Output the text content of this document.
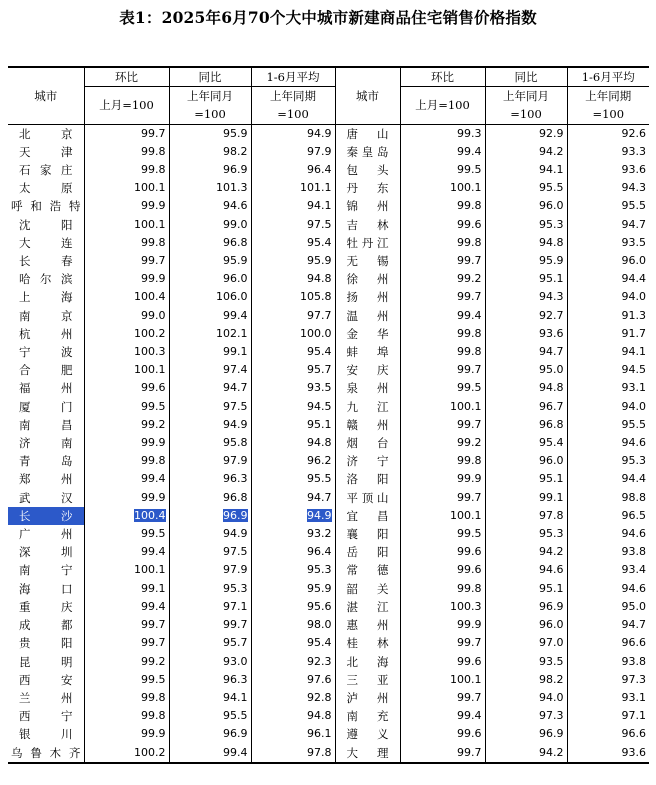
表1：2025年6月70个大中城市新建商品住宅销售价格指数
城市	环比	同比	1-6月平均	城市	环比	同比	1-6月平均
	上月=100	上年同月	上年同期		上月=100	上年同月	上年同期
		=100	=100			=100	=100
北　京	99.7	95.9	94.9	唐　山	99.3	92.9	92.6
天　津	99.8	98.2	97.9	秦皇岛	99.4	94.2	93.3
石家庄	99.8	96.9	96.4	包　头	99.5	94.1	93.6
太　原	100.1	101.3	101.1	丹　东	100.1	95.5	94.3
呼和浩特	99.9	94.6	94.1	锦　州	99.8	96.0	95.5
沈　阳	100.1	99.0	97.5	吉　林	99.6	95.3	94.7
大　连	99.8	96.8	95.4	牡丹江	99.8	94.8	93.5
长　春	99.7	95.9	95.9	无　锡	99.7	95.9	96.0
哈尔滨	99.9	96.0	94.8	徐　州	99.2	95.1	94.4
上　海	100.4	106.0	105.8	扬　州	99.7	94.3	94.0
南　京	99.0	99.4	97.7	温　州	99.4	92.7	91.3
杭　州	100.2	102.1	100.0	金　华	99.8	93.6	91.7
宁　波	100.3	99.1	95.4	蚌　埠	99.8	94.7	94.1
合　肥	100.1	97.4	95.7	安　庆	99.7	95.0	94.5
福　州	99.6	94.7	93.5	泉　州	99.5	94.8	93.1
厦　门	99.5	97.5	94.5	九　江	100.1	96.7	94.0
南　昌	99.2	94.9	95.1	赣　州	99.7	96.8	95.5
济　南	99.9	95.8	94.8	烟　台	99.2	95.4	94.6
青　岛	99.8	97.9	96.2	济　宁	99.8	96.0	95.3
郑　州	99.4	96.3	95.5	洛　阳	99.9	95.1	94.4
武　汉	99.9	96.8	94.7	平顶山	99.7	99.1	98.8

长　沙	100.4	96.9	94.9	宜　昌	100.1	97.8	96.5
广　州	99.5	94.9	93.2	襄　阳	99.5	95.3	94.6
深　圳	99.4	97.5	96.4	岳　阳	99.6	94.2	93.8
南　宁	100.1	97.9	95.3	常　德	99.6	94.6	93.4
海　口	99.1	95.3	95.9	韶　关	99.8	95.1	94.6
重　庆	99.4	97.1	95.6	湛　江	100.3	96.9	95.0
成　都	99.7	99.7	98.0	惠　州	99.9	96.0	94.7
贵　阳	99.7	95.7	95.4	桂　林	99.7	97.0	96.6
昆　明	99.2	93.0	92.3	北　海	99.6	93.5	93.8
西　安	99.5	96.3	97.6	三　亚	100.1	98.2	97.3
兰　州	99.8	94.1	92.8	泸　州	99.7	94.0	93.1
西　宁	99.8	95.5	94.8	南　充	99.4	97.3	97.1
银　川	99.9	96.9	96.1	遵　义	99.6	96.9	96.6
乌鲁木齐	100.2	99.4	97.8	大　理	99.7	94.2	93.6
